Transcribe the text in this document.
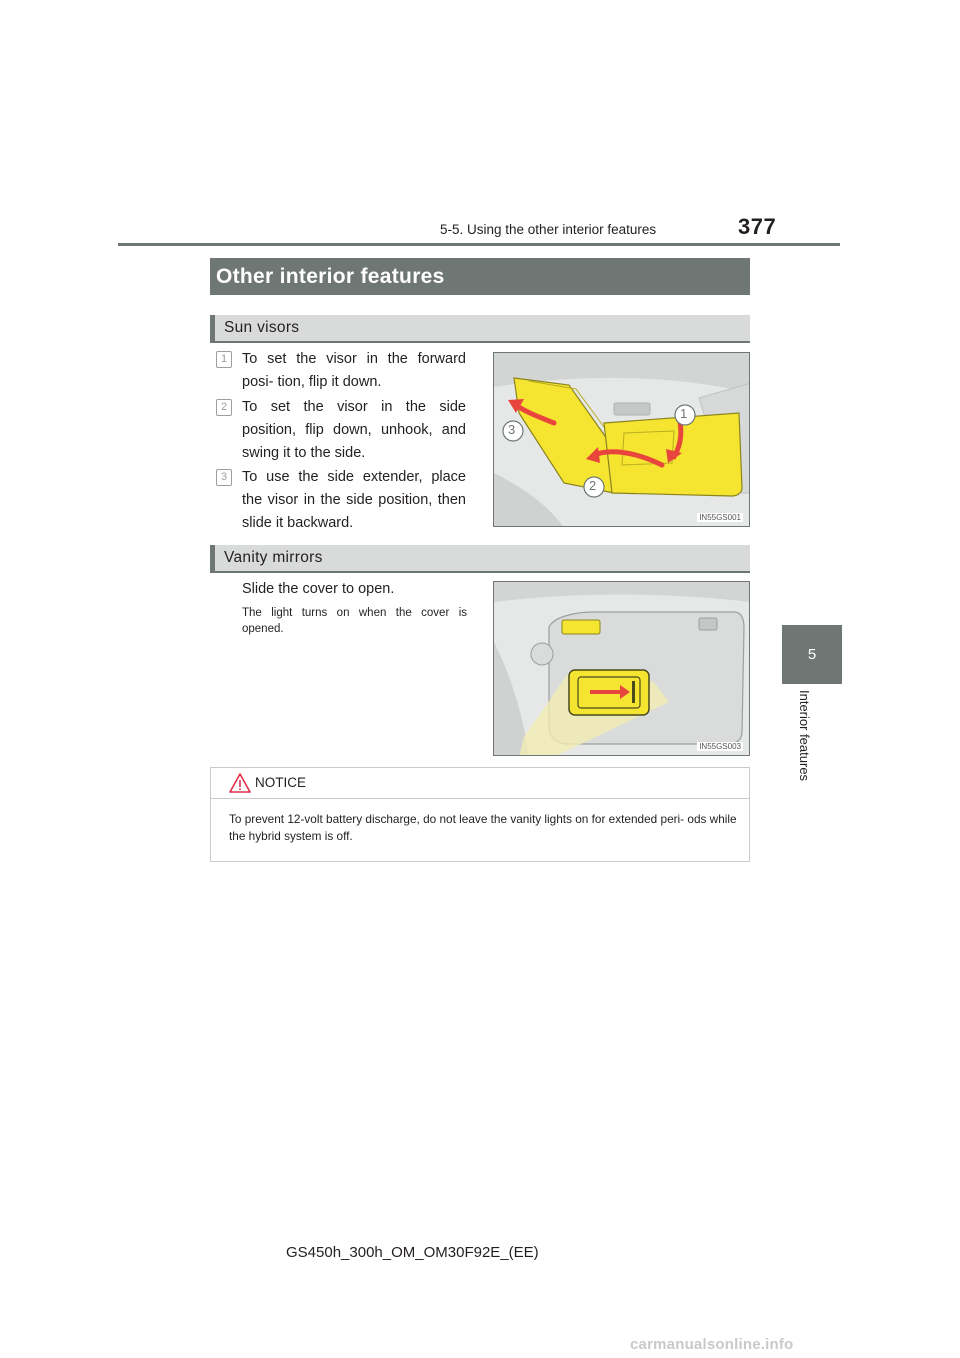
5-5. Using the other interior features	377
5
Interior features
Other interior features
Sun visors
1	To set the visor in the forward posi- tion, flip it down.
2	To set the visor in the side position, flip down, unhook, and swing it to the side.
3	To use the side extender, place the visor in the side position, then slide it backward.
1
2
3
IN55GS001
Vanity mirrors
Slide the cover to open.
The light turns on when the cover is opened.
IN55GS003
NOTICE
To prevent 12-volt battery discharge, do not leave the vanity lights on for extended peri- ods while the hybrid system is off.
GS450h_300h_OM_OM30F92E_(EE)
carmanualsonline.info
